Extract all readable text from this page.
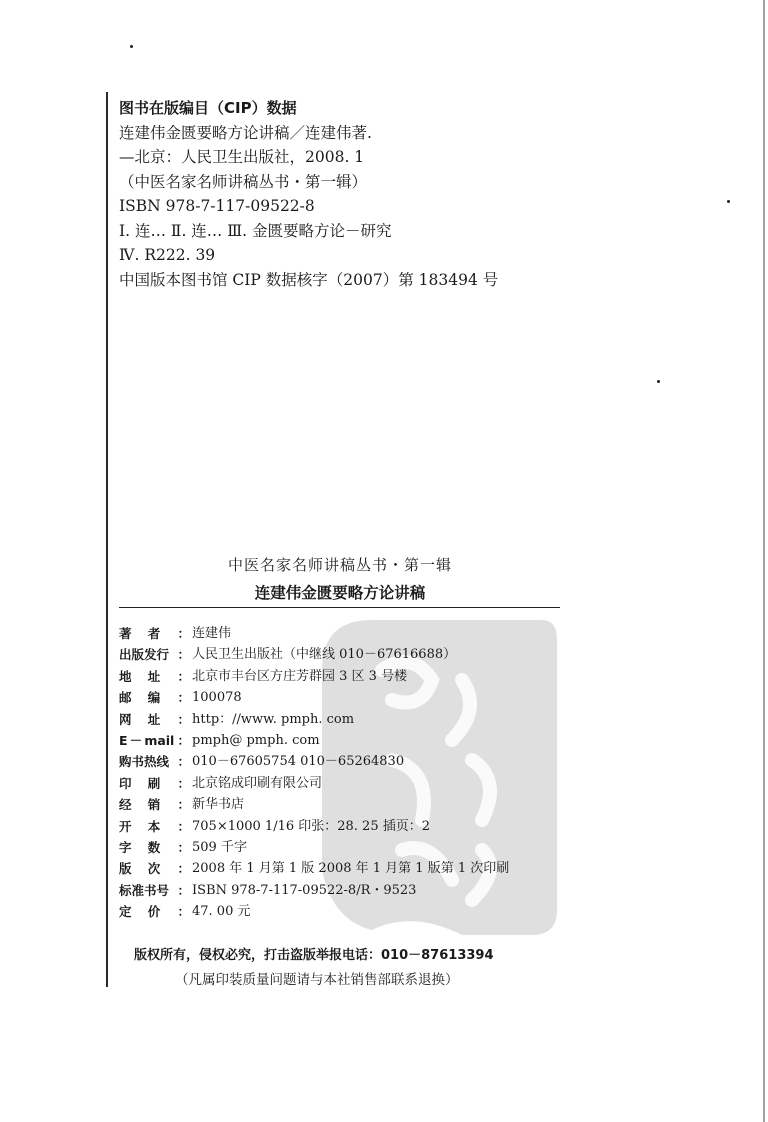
图书在版编目（CIP）数据
连建伟金匮要略方论讲稿／连建伟著.
—北京：人民卫生出版社，2008. 1
（中医名家名师讲稿丛书・第一辑）
ISBN 978-7-117-09522-8
Ⅰ. 连… Ⅱ. 连… Ⅲ. 金匮要略方论－研究
Ⅳ. R222. 39
中国版本图书馆 CIP 数据核字（2007）第 183494 号
中医名家名师讲稿丛书・第一辑
连建伟金匮要略方论讲稿
著 者 ： 连建伟
出版发行 ： 人民卫生出版社（中继线 010－67616688）
地 址 ： 北京市丰台区方庄芳群园 3 区 3 号楼
邮 编 ： 100078
网 址 ： http：//www. pmph. com
E － mail ： pmph@ pmph. com
购书热线 ： 010－67605754 010－65264830
印 刷 ： 北京铭成印刷有限公司
经 销 ： 新华书店
开 本 ： 705×1000 1/16 印张：28. 25 插页：2
字 数 ： 509 千字
版 次 ： 2008 年 1 月第 1 版 2008 年 1 月第 1 版第 1 次印刷
标准书号 ： ISBN 978-7-117-09522-8/R・9523
定 价 ： 47. 00 元
版权所有，侵权必究，打击盗版举报电话：010－87613394
（凡属印装质量问题请与本社销售部联系退换）
